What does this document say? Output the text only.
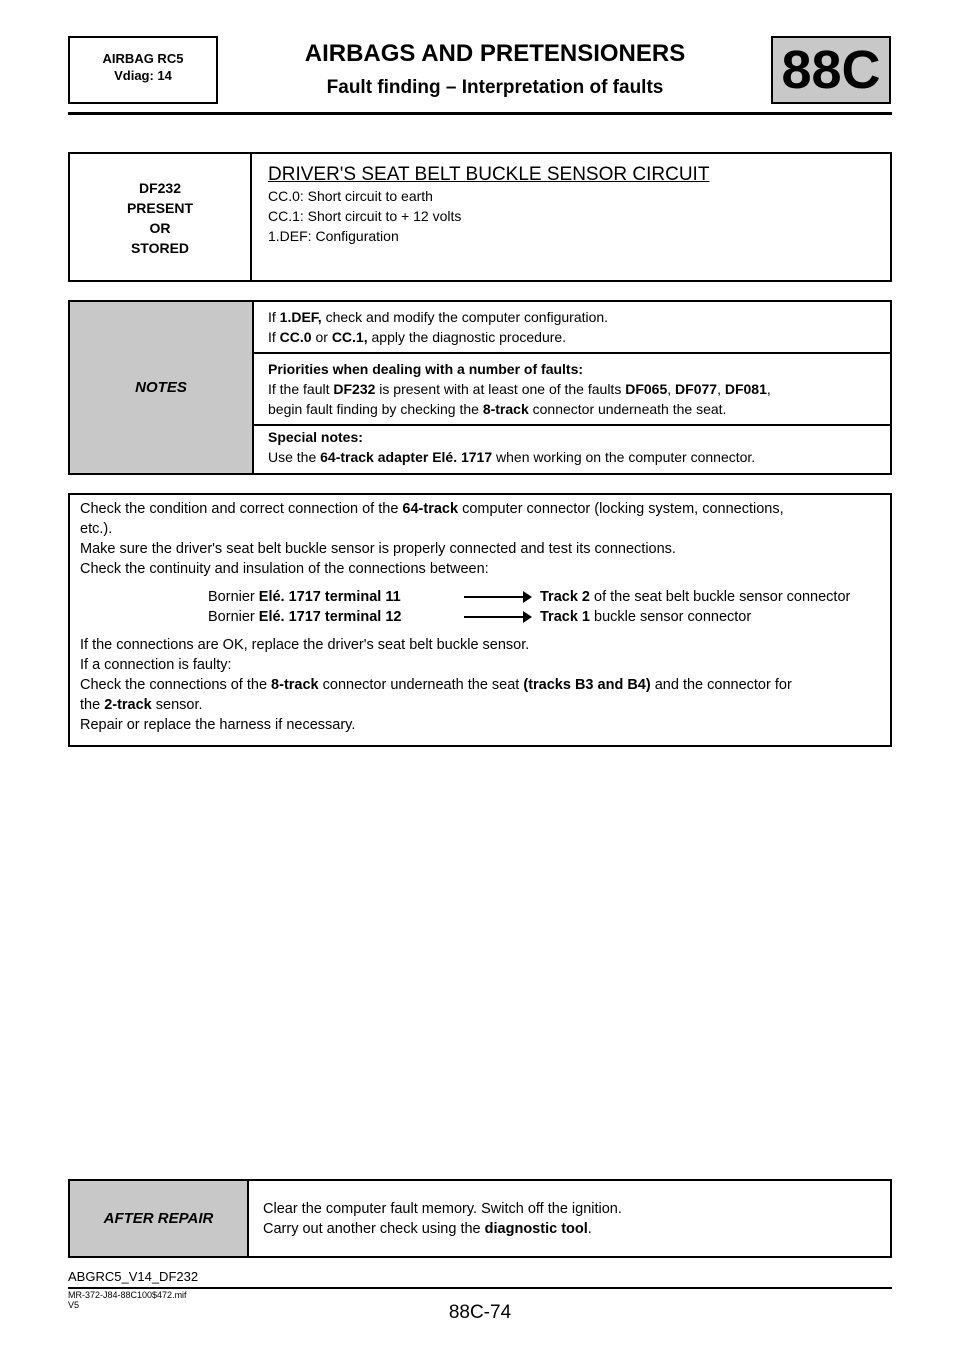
AIRBAG RC5
Vdiag: 14
AIRBAGS AND PRETENSIONERS
Fault finding – Interpretation of faults	88C
DF232
PRESENT
OR
STORED
DRIVER'S SEAT BELT BUCKLE SENSOR CIRCUIT
CC.0: Short circuit to earth
CC.1: Short circuit to + 12 volts
1.DEF: Configuration
NOTES
If 1.DEF, check and modify the computer configuration.
If CC.0 or CC.1, apply the diagnostic procedure.
Priorities when dealing with a number of faults:
If the fault DF232 is present with at least one of the faults DF065, DF077, DF081,
begin fault finding by checking the 8-track connector underneath the seat.
Special notes:
Use the 64-track adapter Elé. 1717 when working on the computer connector.

Check the condition and correct connection of the 64-track computer connector (locking system, connections,

etc.).

Make sure the driver's seat belt buckle sensor is properly connected and test its connections.

Check the continuity and insulation of the connections between:

Bornier Elé. 1717 terminal 11	Track 2 of the seat belt buckle sensor connector
Bornier Elé. 1717 terminal 12	Track 1 buckle sensor connector

If the connections are OK, replace the driver's seat belt buckle sensor.

If a connection is faulty:

Check the connections of the 8-track connector underneath the seat (tracks B3 and B4) and the connector for

the 2-track sensor.

Repair or replace the harness if necessary.

AFTER REPAIR
Clear the computer fault memory. Switch off the ignition.
Carry out another check using the diagnostic tool.
ABGRC5_V14_DF232
MR-372-J84-88C100$472.mif
V5	88C-74
